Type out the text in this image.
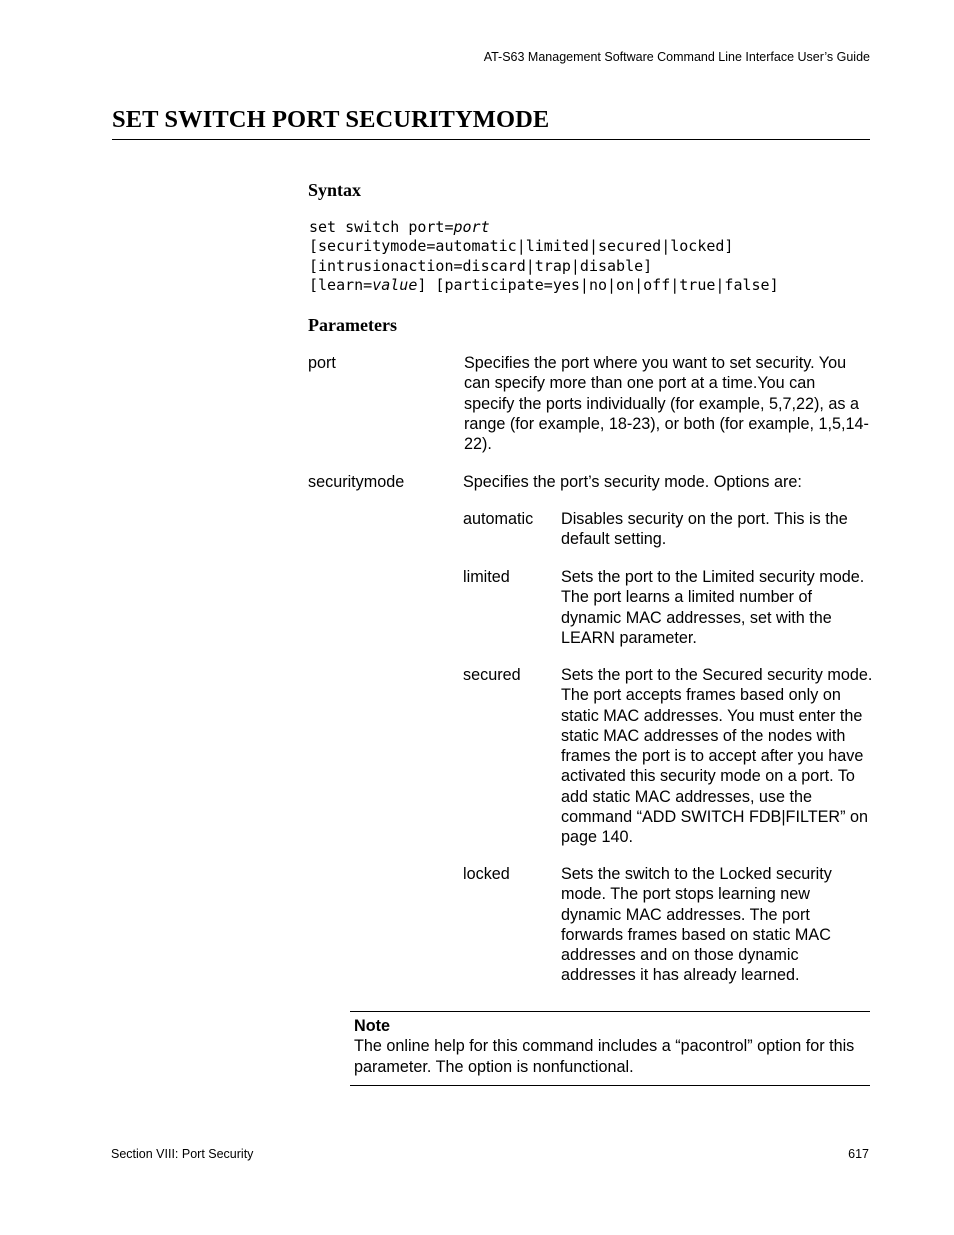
AT-S63 Management Software Command Line Interface User’s Guide
SET SWITCH PORT SECURITYMODE
Syntax
set switch port=port
[securitymode=automatic|limited|secured|locked]
[intrusionaction=discard|trap|disable]
[learn=value] [participate=yes|no|on|off|true|false]
Parameters
port	Specifies the port where you want to set security. You can specify more than one port at a time.You can specify the ports individually (for example, 5,7,22), as a range (for example, 18-23), or both (for example, 1,5,14-22).
securitymode	Specifies the port’s security mode. Options are:
automatic Disables security on the port. This is the default setting.
limited	Sets the port to the Limited security mode. The port learns a limited number of dynamic MAC addresses, set with the LEARN parameter.
secured Sets the port to the Secured security mode. The port accepts frames based only on static MAC addresses. You must enter the static MAC addresses of the nodes with frames the port is to accept after you have activated this security mode on a port. To add static MAC addresses, use the command “ADD SWITCH FDB|FILTER” on page 140.
locked	Sets the switch to the Locked security mode. The port stops learning new dynamic MAC addresses. The port forwards frames based on static MAC addresses and on those dynamic addresses it has already learned.
Note
The online help for this command includes a “pacontrol” option for this parameter. The option is nonfunctional.
Section VIII: Port Security	617
